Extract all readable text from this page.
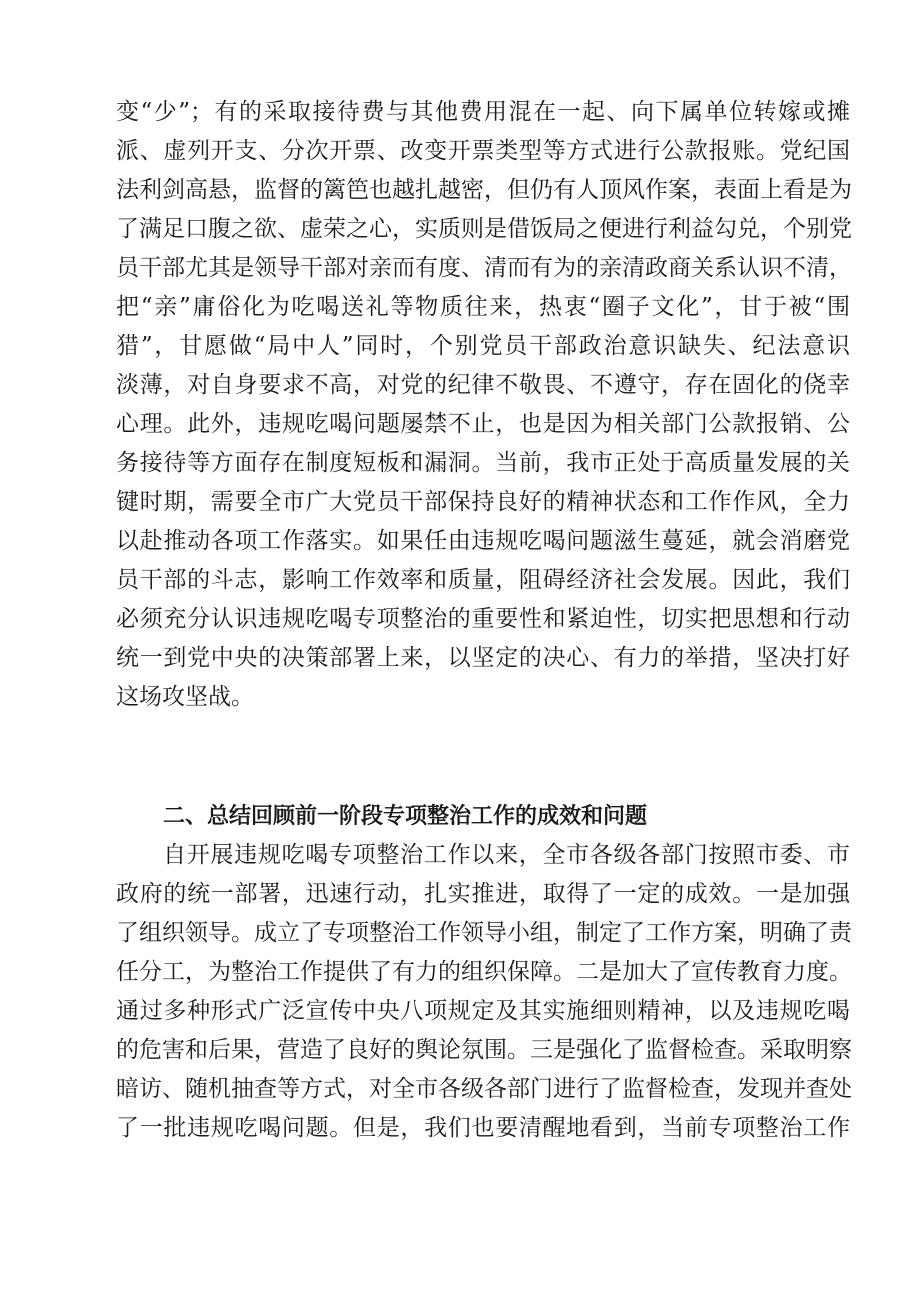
变“少”；有的采取接待费与其他费用混在一起、向下属单位转嫁或摊
派、虚列开支、分次开票、改变开票类型等方式进行公款报账。党纪国
法利剑高悬，监督的篱笆也越扎越密，但仍有人顶风作案，表面上看是为
了满足口腹之欲、虚荣之心，实质则是借饭局之便进行利益勾兑，个别党
员干部尤其是领导干部对亲而有度、清而有为的亲清政商关系认识不清，
把“亲”庸俗化为吃喝送礼等物质往来，热衷“圈子文化”，甘于被“围
猎”，甘愿做“局中人”同时，个别党员干部政治意识缺失、纪法意识
淡薄，对自身要求不高，对党的纪律不敬畏、不遵守，存在固化的侥幸
心理。此外，违规吃喝问题屡禁不止，也是因为相关部门公款报销、公
务接待等方面存在制度短板和漏洞。当前，我市正处于高质量发展的关
键时期，需要全市广大党员干部保持良好的精神状态和工作作风，全力
以赴推动各项工作落实。如果任由违规吃喝问题滋生蔓延，就会消磨党
员干部的斗志，影响工作效率和质量，阻碍经济社会发展。因此，我们
必须充分认识违规吃喝专项整治的重要性和紧迫性，切实把思想和行动
统一到党中央的决策部署上来，以坚定的决心、有力的举措，坚决打好
这场攻坚战。
二、总结回顾前一阶段专项整治工作的成效和问题
自开展违规吃喝专项整治工作以来，全市各级各部门按照市委、市
政府的统一部署，迅速行动，扎实推进，取得了一定的成效。一是加强
了组织领导。成立了专项整治工作领导小组，制定了工作方案，明确了责
任分工，为整治工作提供了有力的组织保障。二是加大了宣传教育力度。
通过多种形式广泛宣传中央八项规定及其实施细则精神，以及违规吃喝
的危害和后果，营造了良好的舆论氛围。三是强化了监督检查。采取明察
暗访、随机抽查等方式，对全市各级各部门进行了监督检查，发现并查处
了一批违规吃喝问题。但是，我们也要清醒地看到，当前专项整治工作
